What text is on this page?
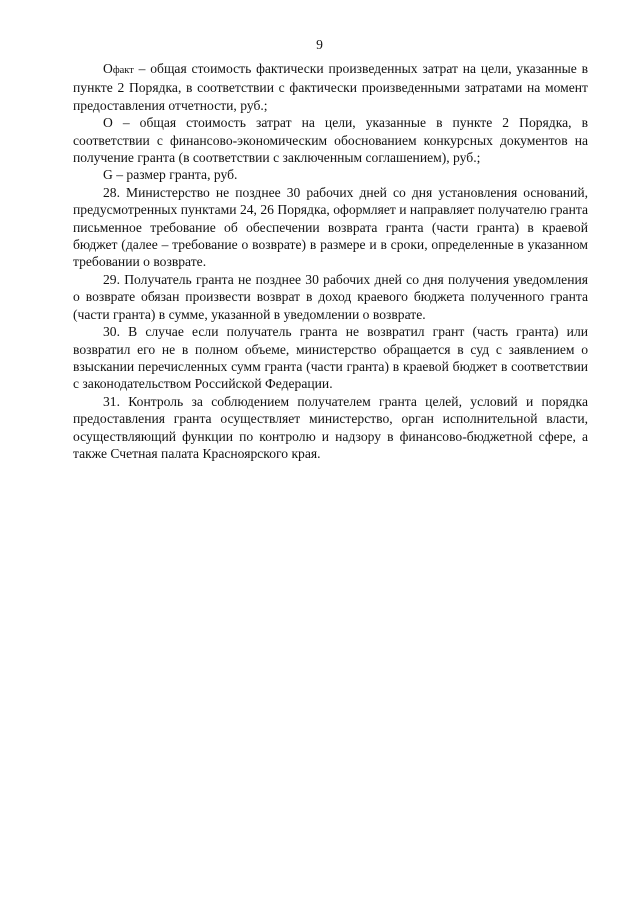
9

Oфакт – общая стоимость фактически произведенных затрат на цели, указанные в пункте 2 Порядка, в соответствии с фактически произведенными затратами на момент предоставления отчетности, руб.;

O – общая стоимость затрат на цели, указанные в пункте 2 Порядка, в соответствии с финансово-экономическим обоснованием конкурсных документов на получение гранта (в соответствии с заключенным соглашением), руб.;

G – размер гранта, руб.

28. Министерство не позднее 30 рабочих дней со дня установления оснований, предусмотренных пунктами 24, 26 Порядка, оформляет и направляет получателю гранта письменное требование об обеспечении возврата гранта (части гранта) в краевой бюджет (далее – требование о возврате) в размере и в сроки, определенные в указанном требовании о возврате.

29. Получатель гранта не позднее 30 рабочих дней со дня получения уведомления о возврате обязан произвести возврат в доход краевого бюджета полученного гранта (части гранта) в сумме, указанной в уведомлении о возврате.

30. В случае если получатель гранта не возвратил грант (часть гранта) или возвратил его не в полном объеме, министерство обращается в суд с заявлением о взыскании перечисленных сумм гранта (части гранта) в краевой бюджет в соответствии с законодательством Российской Федерации.

31. Контроль за соблюдением получателем гранта целей, условий и порядка предоставления гранта осуществляет министерство, орган исполнительной власти, осуществляющий функции по контролю и надзору в финансово-бюджетной сфере, а также Счетная палата Красноярского края.
